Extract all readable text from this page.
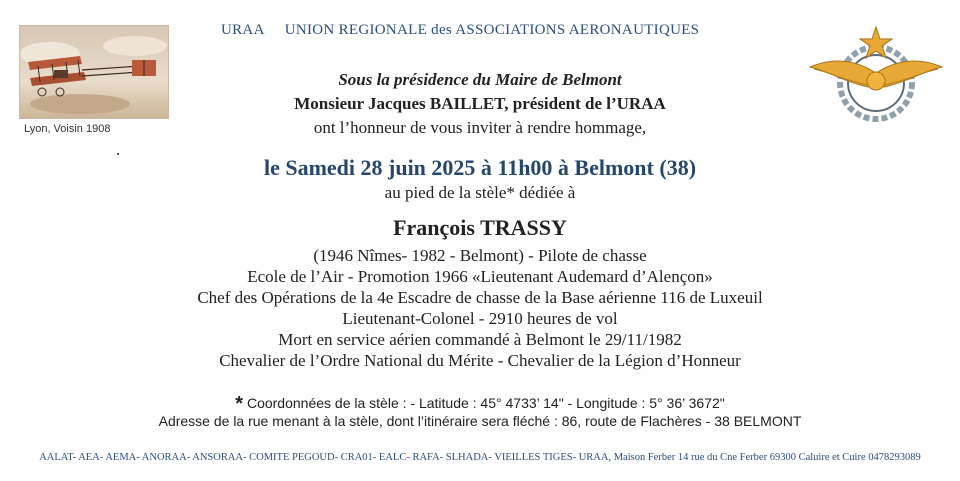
URAA UNION REGIONALE des ASSOCIATIONS AERONAUTIQUES
Lyon, Voisin 1908
Sous la présidence du Maire de Belmont
Monsieur Jacques BAILLET, président de l’URAA
ont l’honneur de vous inviter à rendre hommage,
le Samedi 28 juin 2025 à 11h00 à Belmont (38)
au pied de la stèle* dédiée à
François TRASSY
(1946 Nîmes- 1982 - Belmont) - Pilote de chasse
Ecole de l’Air - Promotion 1966 «Lieutenant Audemard d’Alençon»
Chef des Opérations de la 4e Escadre de chasse de la Base aérienne 116 de Luxeuil
Lieutenant-Colonel - 2910 heures de vol
Mort en service aérien commandé à Belmont le 29/11/1982
Chevalier de l’Ordre National du Mérite - Chevalier de la Légion d’Honneur
* Coordonnées de la stèle : - Latitude : 45° 4733’ 14" - Longitude : 5° 36’ 3672"
Adresse de la rue menant à la stèle, dont l’itinéraire sera fléché : 86, route de Flachères - 38 BELMONT
AALAT- AEA- AEMA- ANORAA- ANSORAA- COMITE PEGOUD- CRA01- EALC- RAFA- SLHADA- VIEILLES TIGES- URAA, Maison Ferber 14 rue du Cne Ferber 69300 Caluire et Cuire 0478293089
